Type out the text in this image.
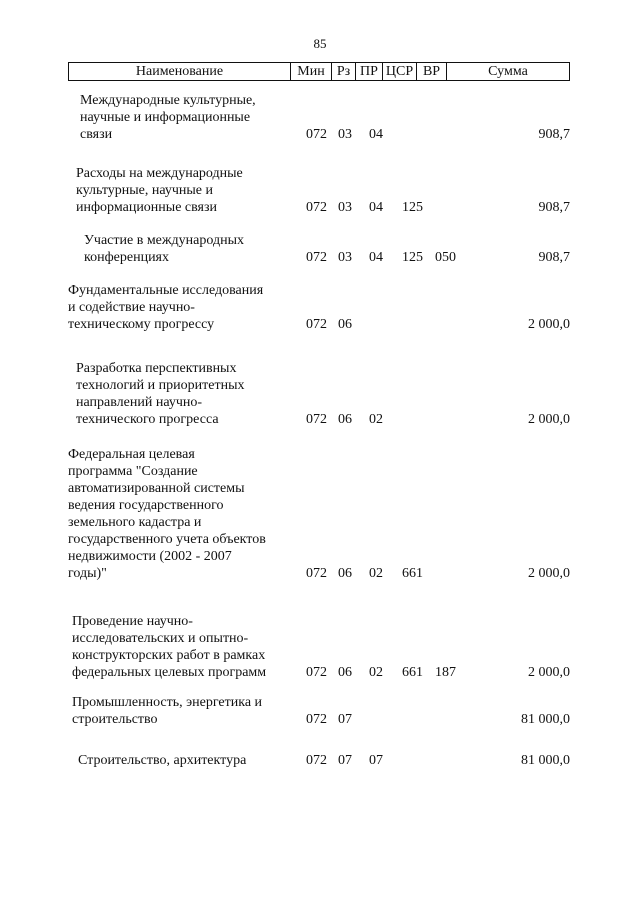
85
Наименование	Мин Рз ПР ЦСР ВР	Сумма
Международные культурные,
научные и информационные
связи	072 03 04	908,7
Расходы на международные
культурные, научные и
информационные связи	072 03 04 125	908,7
Участие в международных
конференциях	072 03 04 125 050	908,7
Фундаментальные исследования
и содействие научно-
техническому прогрессу	072 06	2 000,0
Разработка перспективных
технологий и приоритетных
направлений научно-
технического прогресса	072 06 02	2 000,0
Федеральная целевая
программа "Создание
автоматизированной системы
ведения государственного
земельного кадастра и
государственного учета объектов
недвижимости (2002 - 2007
годы)"	072 06 02 661	2 000,0
Проведение научно-
исследовательских и опытно-
конструкторских работ в рамках
федеральных целевых программ	072 06 02 661 187	2 000,0
Промышленность, энергетика и
строительство	072 07	81 000,0
Строительство, архитектура	072 07 07	81 000,0
